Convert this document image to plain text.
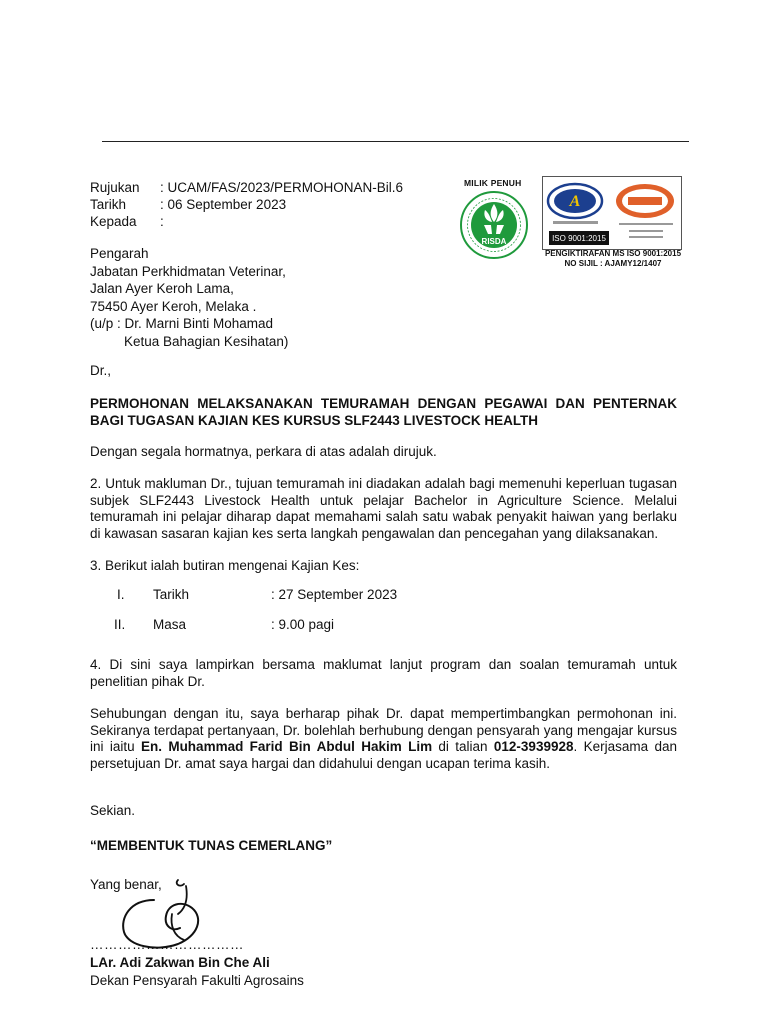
Rujukan : UCAM/FAS/2023/PERMOHONAN-Bil.6
Tarikh	: 06 September 2023
Kepada :
MILIK PENUH
RISDA
A
ISO 9001:2015
PENGIKTIRAFAN MS ISO 9001:2015
NO SIJIL : AJAMY12/1407
Pengarah
Jabatan Perkhidmatan Veterinar,
Jalan Ayer Keroh Lama,
75450 Ayer Keroh, Melaka .
(u/p : Dr. Marni Binti Mohamad
Ketua Bahagian Kesihatan)
Dr.,
PERMOHONAN MELAKSANAKAN TEMURAMAH DENGAN PEGAWAI DAN PENTERNAK BAGI TUGASAN KAJIAN KES KURSUS SLF2443 LIVESTOCK HEALTH
Dengan segala hormatnya, perkara di atas adalah dirujuk.
2. Untuk makluman Dr., tujuan temuramah ini diadakan adalah bagi memenuhi keperluan tugasan subjek SLF2443 Livestock Health untuk pelajar Bachelor in Agriculture Science. Melalui temuramah ini pelajar diharap dapat memahami salah satu wabak penyakit haiwan yang berlaku di kawasan sasaran kajian kes serta langkah pengawalan dan pencegahan yang dilaksanakan.
3. Berikut ialah butiran mengenai Kajian Kes:
I. Tarikh	: 27 September 2023
II. Masa	: 9.00 pagi
4. Di sini saya lampirkan bersama maklumat lanjut program dan soalan temuramah untuk penelitian pihak Dr.
Sehubungan dengan itu, saya berharap pihak Dr. dapat mempertimbangkan permohonan ini. Sekiranya terdapat pertanyaan, Dr. bolehlah berhubung dengan pensyarah yang mengajar kursus ini iaitu En. Muhammad Farid Bin Abdul Hakim Lim di talian 012-3939928. Kerjasama dan persetujuan Dr. amat saya hargai dan didahului dengan ucapan terima kasih.
Sekian.
“MEMBENTUK TUNAS CEMERLANG”
Yang benar,
……………………………
LAr. Adi Zakwan Bin Che Ali
Dekan Pensyarah Fakulti Agrosains
